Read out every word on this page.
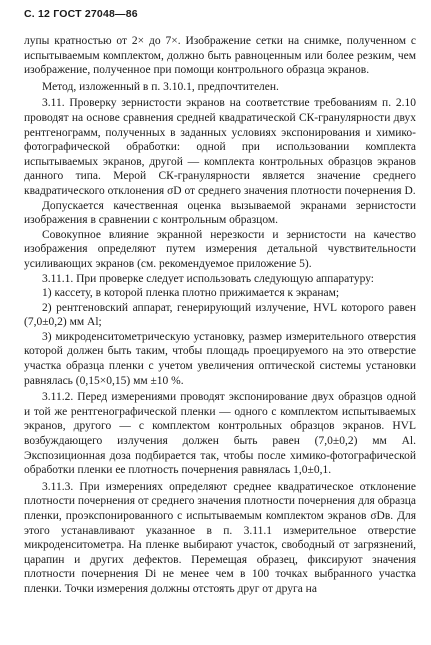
С. 12 ГОСТ 27048—86

лупы кратностью от 2× до 7×. Изображение сетки на снимке, полученном с испытываемым комплектом, должно быть равноценным или более резким, чем изображение, полученное при помощи контрольного образца экранов.

Метод, изложенный в п. 3.10.1, предпочтителен.

3.11. Проверку зернистости экранов на соответствие требованиям п. 2.10 проводят на основе сравнения средней квадратической СК-гранулярности двух рентгенограмм, полученных в заданных условиях экспонирования и химико-фотографической обработки: одной при использовании комплекта испытываемых экранов, другой — комплекта контрольных образцов экранов данного типа. Мерой СК-гранулярности является значение среднего квадратического отклонения σD от среднего значения плотности почернения D.

Допускается качественная оценка вызываемой экранами зернистости изображения в сравнении с контрольным образцом.

Совокупное влияние экранной нерезкости и зернистости на качество изображения определяют путем измерения детальной чувствительности усиливающих экранов (см. рекомендуемое приложение 5).

3.11.1. При проверке следует использовать следующую аппаратуру:

1) кассету, в которой пленка плотно прижимается к экранам;

2) рентгеновский аппарат, генерирующий излучение, HVL которого равен (7,0±0,2) мм Al;

3) микроденситометрическую установку, размер измерительного отверстия которой должен быть таким, чтобы площадь проецируемого на это отверстие участка образца пленки с учетом увеличения оптической системы установки равнялась (0,15×0,15) мм ±10 %.

3.11.2. Перед измерениями проводят экспонирование двух образцов одной и той же рентгенографической пленки — одного с комплектом испытываемых экранов, другого — с комплектом контрольных образцов экранов. HVL возбуждающего излучения должен быть равен (7,0±0,2) мм Al. Экспозиционная доза подбирается так, чтобы после химико-фотографической обработки пленки ее плотность почернения равнялась 1,0±0,1.

3.11.3. При измерениях определяют среднее квадратическое отклонение плотности почернения от среднего значения плотности почернения для образца пленки, проэкспонированного с испытываемым комплектом экранов σDв. Для этого устанавливают указанное в п. 3.11.1 измерительное отверстие микроденситометра. На пленке выбирают участок, свободный от загрязнений, царапин и других дефектов. Перемещая образец, фиксируют значения плотности почернения Di не менее чем в 100 точках выбранного участка пленки. Точки измерения должны отстоять друг от друга на
